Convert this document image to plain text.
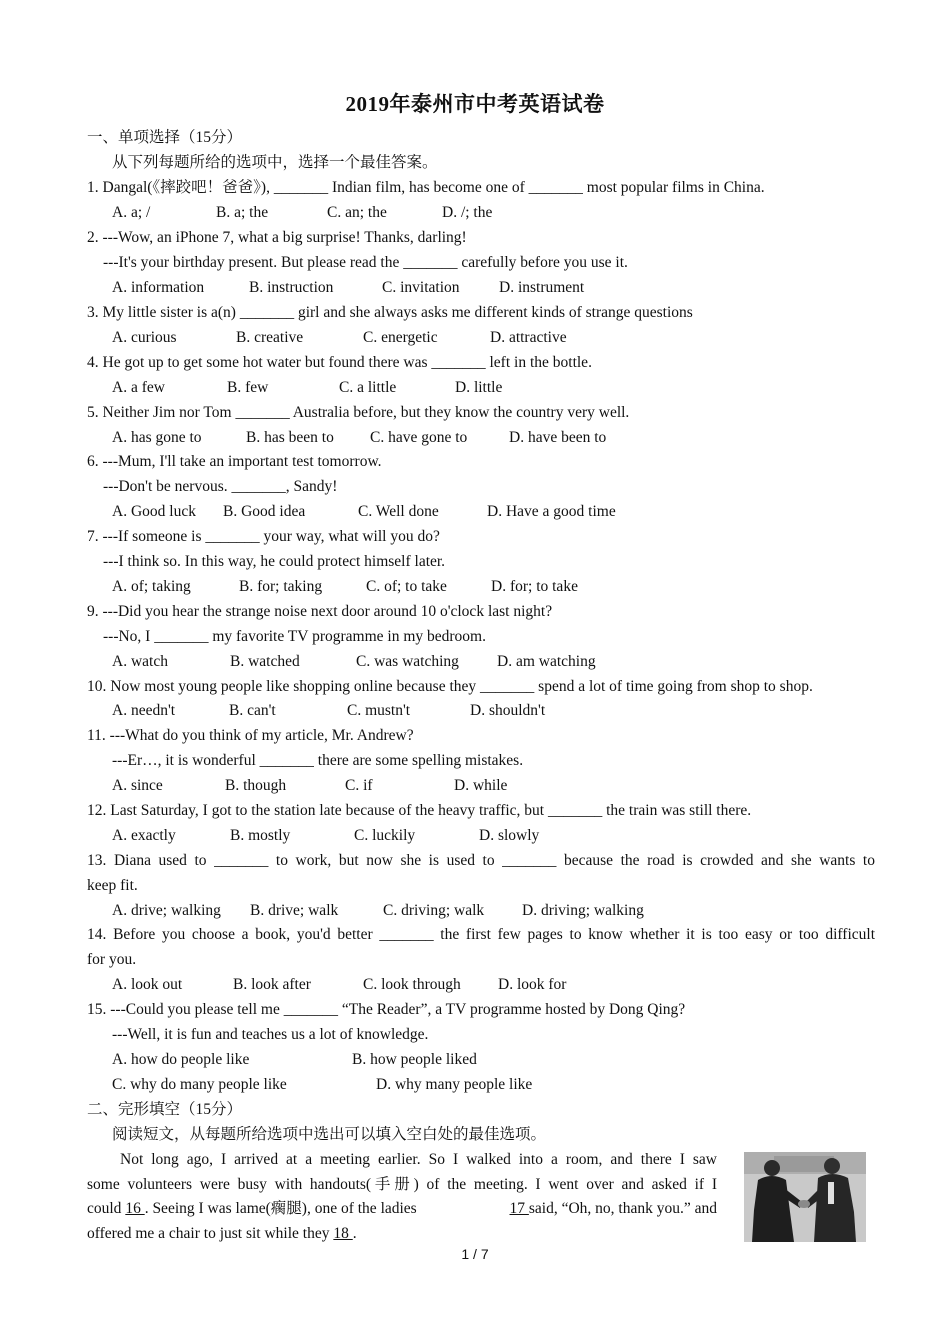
2019年泰州市中考英语试卷
一、单项选择（15分）
从下列每题所给的选项中，选择一个最佳答案。
1. Dangal(《摔跤吧！爸爸》), _______ Indian film, has become one of _______ most popular films in China.
A. a; /	B. a; the	C. an; the	D. /; the
2. ---Wow, an iPhone 7, what a big surprise! Thanks, darling!
---It's your birthday present. But please read the _______ carefully before you use it.
A. information	B. instruction	C. invitation	D. instrument
3. My little sister is a(n) _______ girl and she always asks me different kinds of strange questions
A. curious	B. creative	C. energetic	D. attractive
4. He got up to get some hot water but found there was _______ left in the bottle.
A. a few	B. few	C. a little	D. little
5. Neither Jim nor Tom _______ Australia before, but they know the country very well.
A. has gone to	B. has been to	C. have gone to	D. have been to
6. ---Mum, I'll take an important test tomorrow.
---Don't be nervous. _______, Sandy!
A. Good luck	B. Good idea	C. Well done	D. Have a good time
7. ---If someone is _______ your way, what will you do?
---I think so. In this way, he could protect himself later.
A. of; taking	B. for; taking	C. of; to take	D. for; to take
9. ---Did you hear the strange noise next door around 10 o'clock last night?
---No, I _______ my favorite TV programme in my bedroom.
A. watch	B. watched	C. was watching	D. am watching
10. Now most young people like shopping online because they _______ spend a lot of time going from shop to shop.
A. needn't	B. can't	C. mustn't	D. shouldn't
11. ---What do you think of my article, Mr. Andrew?
---Er…, it is wonderful _______ there are some spelling mistakes.
A. since	B. though	C. if	D. while
12. Last Saturday, I got to the station late because of the heavy traffic, but _______ the train was still there.
A. exactly	B. mostly	C. luckily	D. slowly
13. Diana used to _______ to work, but now she is used to _______ because the road is crowded and she wants to
keep fit.
A. drive; walking	B. drive; walk	C. driving; walk	D. driving; walking
14. Before you choose a book, you'd better _______ the first few pages to know whether it is too easy or too difficult
for you.
A. look out	B. look after	C. look through	D. look for
15. ---Could you please tell me _______ “The Reader”, a TV programme hosted by Dong Qing?
---Well, it is fun and teaches us a lot of knowledge.
A. how do people like	B. how people liked
C. why do many people like	D. why many people like
二、完形填空（15分）
阅读短文，从每题所给选项中选出可以填入空白处的最佳选项。
Not long ago, I arrived at a meeting earlier. So I walked into a room, and there I saw
some volunteers were busy with handouts(手册) of the meeting. I went over and asked if I
could 16 . Seeing I was lame(瘸腿), one of the ladies	17 said, “Oh, no, thank you.” and
offered me a chair to just sit while they 18 .
1 / 7
